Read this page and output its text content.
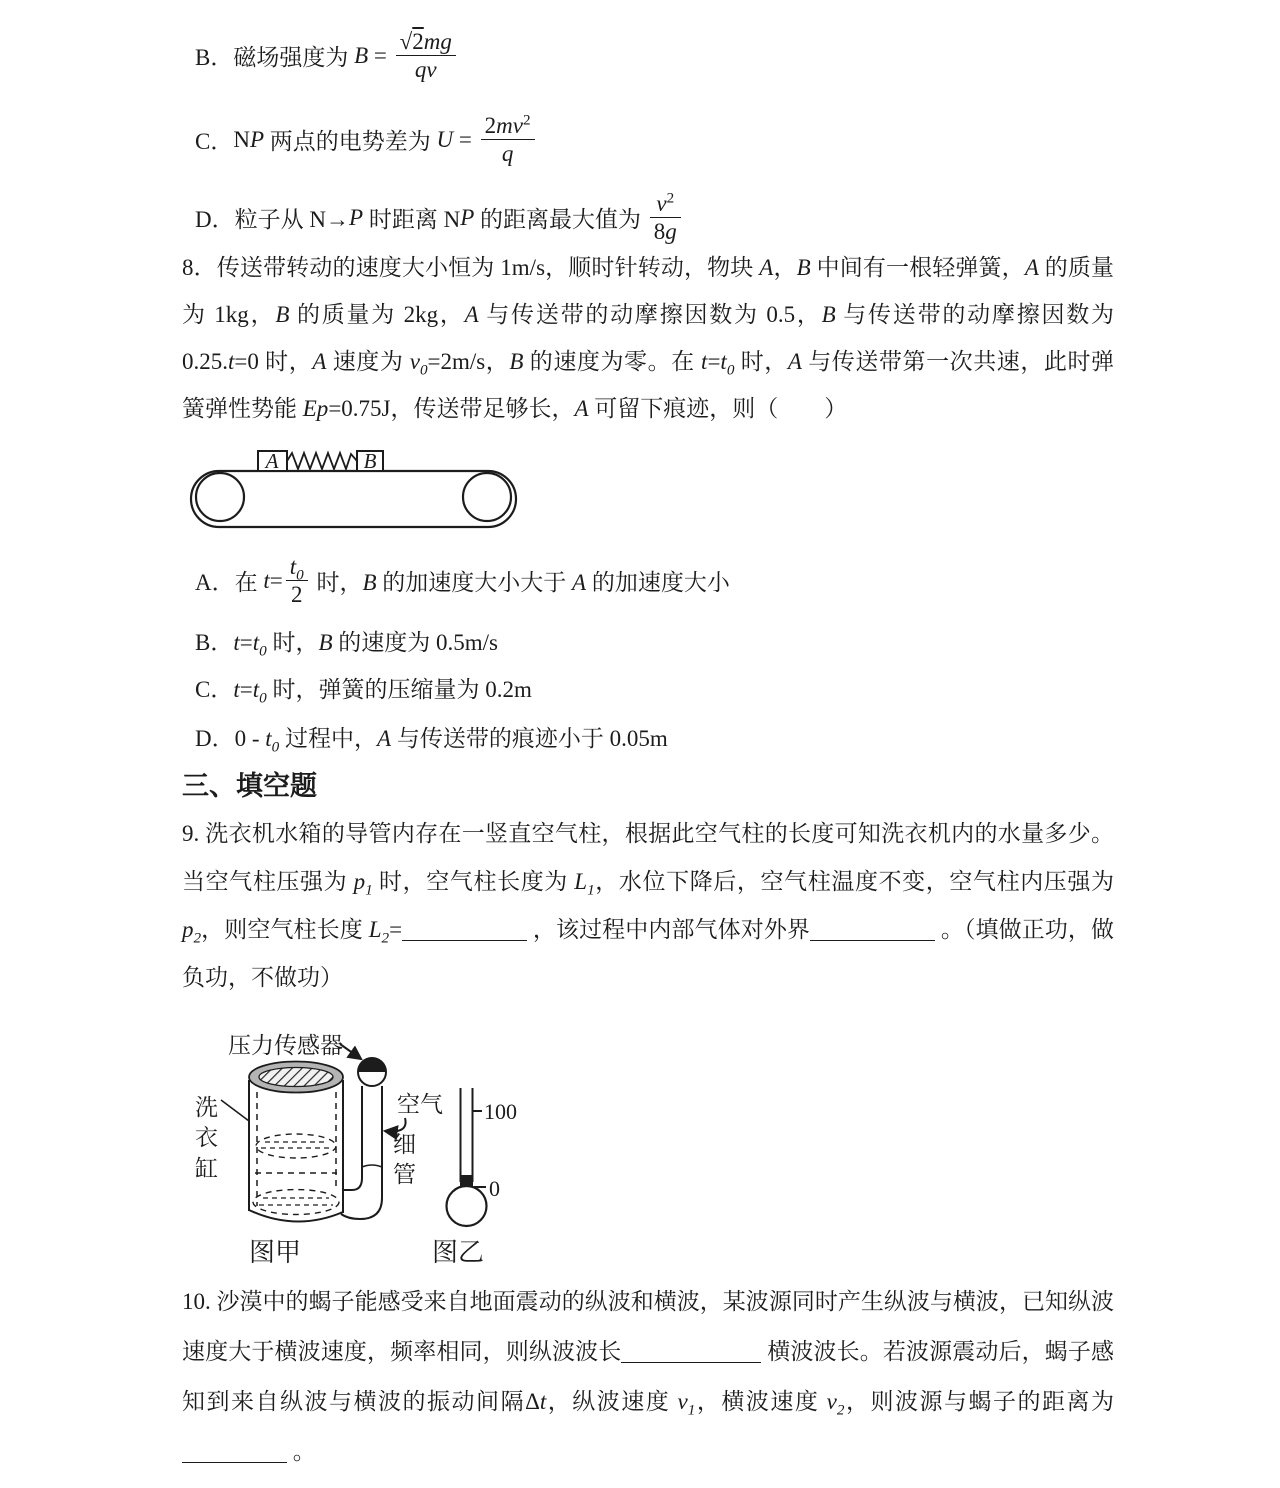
B． 磁场强度为 $B = \frac{√2mg}{qv}$
C． N P 两点的电势差为 $U = \frac{2mv^2}{q}$
D． 粒子从 N→ P 时距离 N P 的距离最大值为 $\frac{v^2}{8g}$
8．传送带转动的速度大小恒为 1m/s，顺时针转动，物块 A，B 中间有一根轻弹簧，A 的质量为 1kg，B 的质量为 2kg，A 与传送带的动摩擦因数为 0.5，B 与传送带的动摩擦因数为 0.25.t=0 时，A 速度为 $v_0=2m/s$，B 的速度为零。在 $t=t_0$ 时，A 与传送带第一次共速，此时弹簧弹性势能 Ep=0.75J，传送带足够长，A 可留下痕迹，则（　　）
A	B
A． 在 $t = \frac{t_0}{2}$ 时，B 的加速度大小大于 A 的加速度大小
B．$t=t_0$ 时，B 的速度为 0.5m/s
C．$t=t_0$ 时，弹簧的压缩量为 0.2m
D．$0 - t_0$ 过程中，A 与传送带的痕迹小于 0.05m
三、填空题
9. 洗衣机水箱的导管内存在一竖直空气柱，根据此空气柱的长度可知洗衣机内的水量多少。当空气柱压强为 $p_1$ 时，空气柱长度为 $L_1$，水位下降后，空气柱温度不变，空气柱内压强为 $p_2$，则空气柱长度 $L_2=$	，该过程中内部气体对外界	。（填做正功，做负功，不做功）
压力传感器
洗
衣
缸
空气
细
管
图甲
100
0
图乙
10. 沙漠中的蝎子能感受来自地面震动的纵波和横波，某波源同时产生纵波与横波，已知纵波速度大于横波速度，频率相同，则纵波波长	横波波长。若波源震动后，蝎子感知到来自纵波与横波的振动间隔Δt，纵波速度 $v_1$，横波速度 $v_2$，则波源与蝎子的距离为 。
